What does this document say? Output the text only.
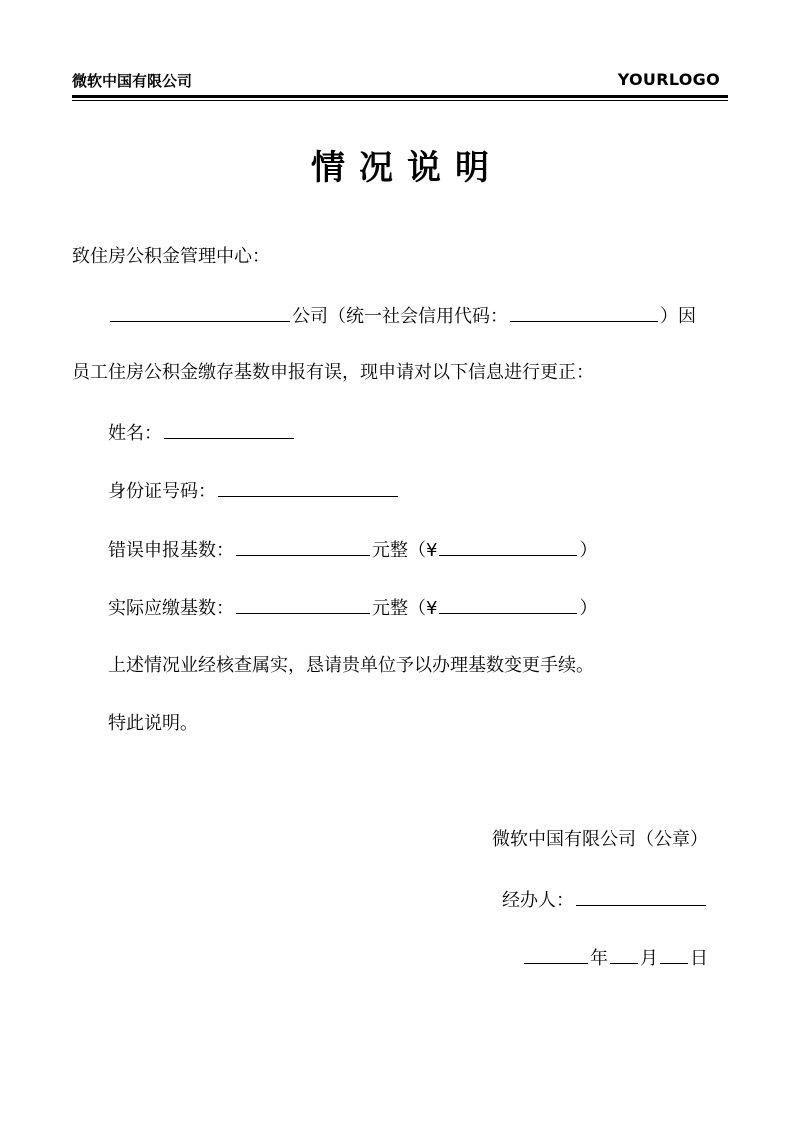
微软中国有限公司	YOURLOGO
情况说明
致住房公积金管理中心：
公司（统一社会信用代码：	）因
员工住房公积金缴存基数申报有误，现申请对以下信息进行更正：
姓名：
身份证号码：
错误申报基数：	元整（¥	）
实际应缴基数：	元整（¥	）
上述情况业经核查属实，恳请贵单位予以办理基数变更手续。
特此说明。
微软中国有限公司（公章）
经办人：
年 月 日
